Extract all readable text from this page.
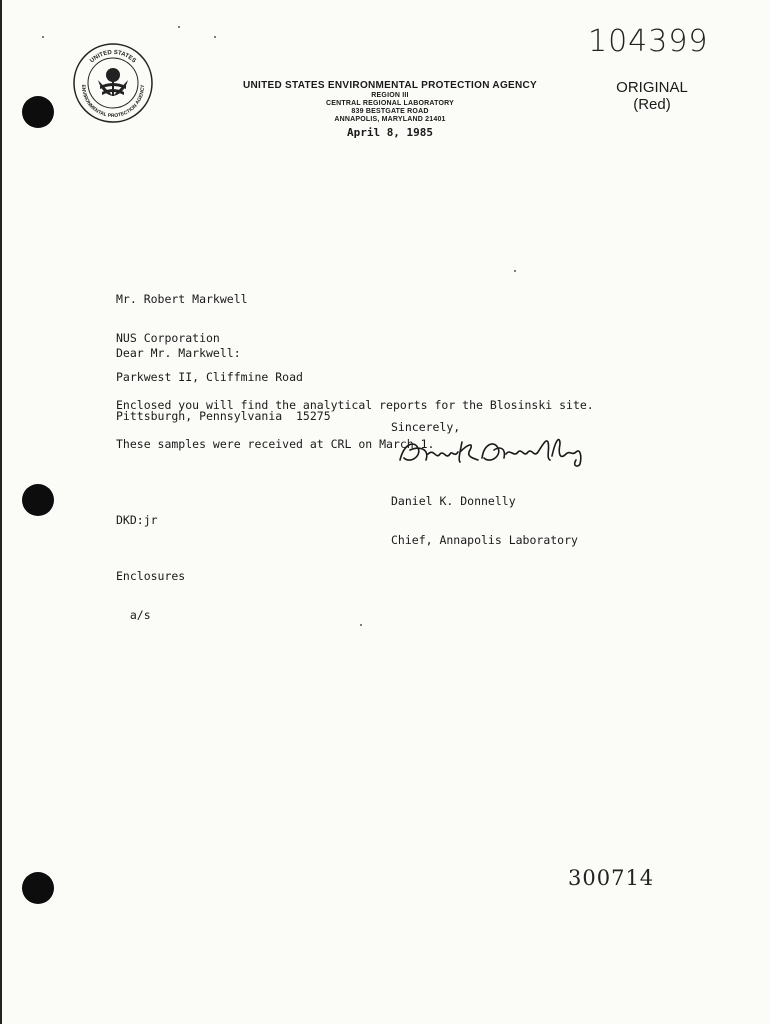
UNITED STATES
ENVIRONMENTAL PROTECTION AGENCY	UNITED STATES ENVIRONMENTAL PROTECTION AGENCY
REGION III
CENTRAL REGIONAL LABORATORY
839 BESTGATE ROAD
ANNAPOLIS, MARYLAND 21401
April 8, 1985
104399
ORIGINAL
(Red)

Mr. Robert Markwell

NUS Corporation

Parkwest II, Cliffmine Road

Pittsburgh, Pennsylvania  15275

Dear Mr. Markwell:

Enclosed you will find the analytical reports for the Blosinski site.

These samples were received at CRL on March 1.

Sincerely,

Daniel K. Donnelly

Chief, Annapolis Laboratory

DKD:jr

Enclosures

a/s

300714
